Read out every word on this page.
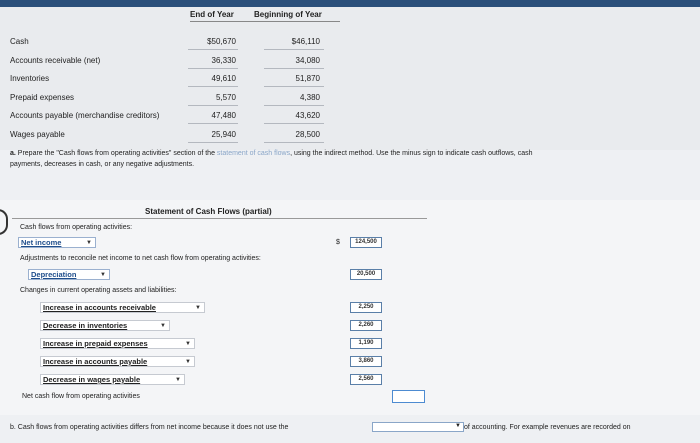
End of Year	Beginning of Year
Cash	$50,670	$46,110
Accounts receivable (net)	36,330	34,080
Inventories	49,610	51,870
Prepaid expenses	5,570	4,380
Accounts payable (merchandise creditors)	47,480	43,620
Wages payable	25,940	28,500
a. Prepare the "Cash flows from operating activities" section of the statement of cash flows, using the indirect method. Use the minus sign to indicate cash outflows, cash
payments, decreases in cash, or any negative adjustments.
Statement of Cash Flows (partial)
Cash flows from operating activities:
Net income	▼	$	124,500
Adjustments to reconcile net income to net cash flow from operating activities:
Depreciation	▼	20,500
Changes in current operating assets and liabilities:
Increase in accounts receivable	▼	2,250
Decrease in inventories	▼	2,260
Increase in prepaid expenses	▼	1,190
Increase in accounts payable	▼	3,860
Decrease in wages payable	▼	2,560
Net cash flow from operating activities
b. Cash flows from operating activities differs from net income because it does not use the	▼ of accounting. For example revenues are recorded on
